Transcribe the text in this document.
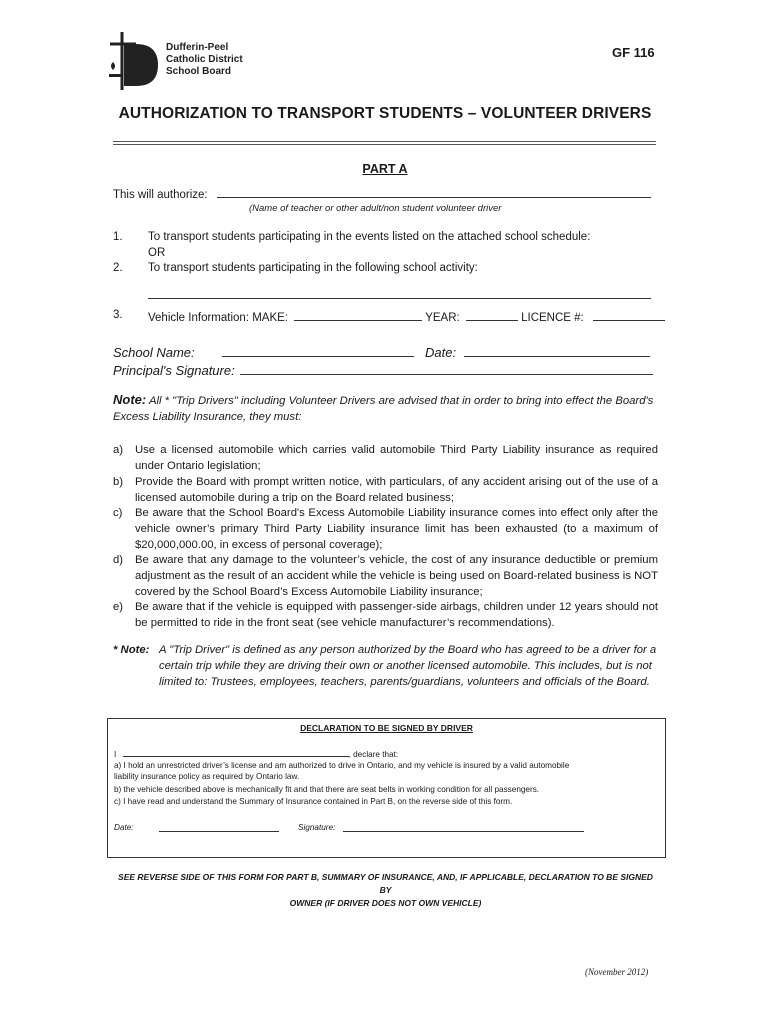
Dufferin-Peel
Catholic District
School Board
GF 116
AUTHORIZATION TO TRANSPORT STUDENTS – VOLUNTEER DRIVERS
PART A
This will authorize:
(Name of teacher or other adult/non student volunteer driver
1. To transport students participating in the events listed on the attached school schedule:
OR
2. To transport students participating in the following school activity:
3. Vehicle Information: MAKE:	YEAR:	LICENCE #:
School Name:	Date:
Principal's Signature:
Note: All * "Trip Drivers" including Volunteer Drivers are advised that in order to bring into effect the Board's Excess Liability Insurance, they must:
a) Use a licensed automobile which carries valid automobile Third Party Liability insurance as required under Ontario legislation;
b) Provide the Board with prompt written notice, with particulars, of any accident arising out of the use of a licensed automobile during a trip on the Board related business;
c) Be aware that the School Board's Excess Automobile Liability insurance comes into effect only after the vehicle owner’s primary Third Party Liability insurance limit has been exhausted (to a maximum of $20,000,000.00, in excess of personal coverage);
d) Be aware that any damage to the volunteer’s vehicle, the cost of any insurance deductible or premium adjustment as the result of an accident while the vehicle is being used on Board-related business is NOT covered by the School Board’s Excess Automobile Liability insurance;
e) Be aware that if the vehicle is equipped with passenger-side airbags, children under 12 years should not be permitted to ride in the front seat (see vehicle manufacturer’s recommendations).
* Note: A "Trip Driver" is defined as any person authorized by the Board who has agreed to be a driver for a certain trip while they are driving their own or another licensed automobile. This includes, but is not limited to: Trustees, employees, teachers, parents/guardians, volunteers and officials of the Board.
DECLARATION TO BE SIGNED BY DRIVER
I	, declare that:
a) I hold an unrestricted driver’s license and am authorized to drive in Ontario, and my vehicle is insured by a valid automobile
liability insurance policy as required by Ontario law.
b) the vehicle described above is mechanically fit and that there are seat belts in working condition for all passengers.
c) I have read and understand the Summary of Insurance contained in Part B, on the reverse side of this form.
Date:	Signature:
SEE REVERSE SIDE OF THIS FORM FOR PART B, SUMMARY OF INSURANCE, AND, IF APPLICABLE, DECLARATION TO BE SIGNED BY
OWNER (IF DRIVER DOES NOT OWN VEHICLE)
(November 2012)
